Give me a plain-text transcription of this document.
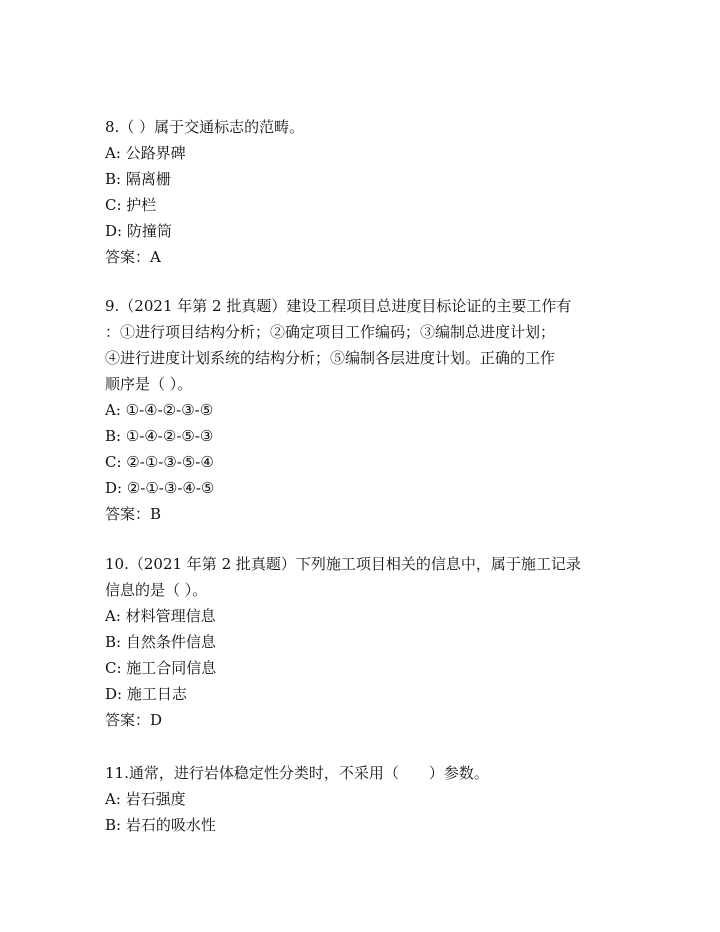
8.（ ）属于交通标志的范畴。
A: 公路界碑
B: 隔离栅
C: 护栏
D: 防撞筒
答案：A
9.（2021 年第 2 批真题）建设工程项目总进度目标论证的主要工作有
：①进行项目结构分析；②确定项目工作编码；③编制总进度计划；
④进行进度计划系统的结构分析；⑤编制各层进度计划。正确的工作
顺序是（ ）。
A: ①-④-②-③-⑤
B: ①-④-②-⑤-③
C: ②-①-③-⑤-④
D: ②-①-③-④-⑤
答案：B
10.（2021 年第 2 批真题）下列施工项目相关的信息中，属于施工记录
信息的是（ ）。
A: 材料管理信息
B: 自然条件信息
C: 施工合同信息
D: 施工日志
答案：D
11.通常，进行岩体稳定性分类时，不采用（　　）参数。
A: 岩石强度
B: 岩石的吸水性
